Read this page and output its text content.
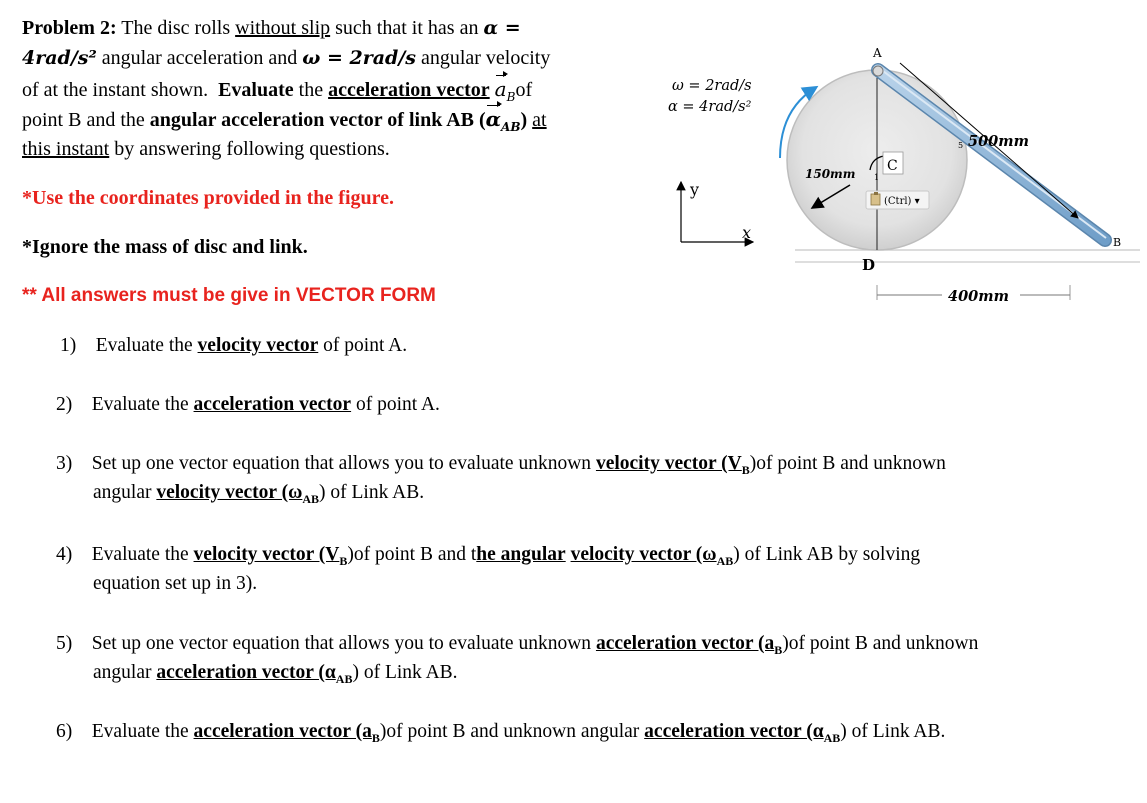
Problem 2: The disc rolls without slip such that it has an α =
4rad/s² angular acceleration and ω = 2rad/s angular velocity
of at the instant shown. Evaluate the acceleration vector $a_Bof$
point B and the angular acceleration vector of link AB $(\alpha_{AB})$ at
this instant by answering following questions.
*Use the coordinates provided in the figure.
*Ignore the mass of disc and link.
** All answers must be give in VECTOR FORM
1) Evaluate the velocity vector of point A.
2) Evaluate the acceleration vector of point A.
3) Set up one vector equation that allows you to evaluate unknown velocity vector $(V_B)of$ point B and unknown
angular velocity vector $(\omega_{AB})$ of Link AB.
4) Evaluate the velocity vector $(V_B)of$ point B and the angular velocity vector $(\omega_{AB})$ of Link AB by solving
equation set up in 3).
5) Set up one vector equation that allows you to evaluate unknown acceleration vector $(a_B)of$ point B and unknown
angular acceleration vector $(\alpha_{AB})$ of Link AB.
6) Evaluate the acceleration vector $(a_B)of$ point B and unknown angular acceleration vector $(\alpha_{AB})$ of Link AB.
ω = 2rad/s
α = 4rad/s²
A
C
B
D
150mm
500mm
400mm
y
x
(Ctrl) ▾
1
5
